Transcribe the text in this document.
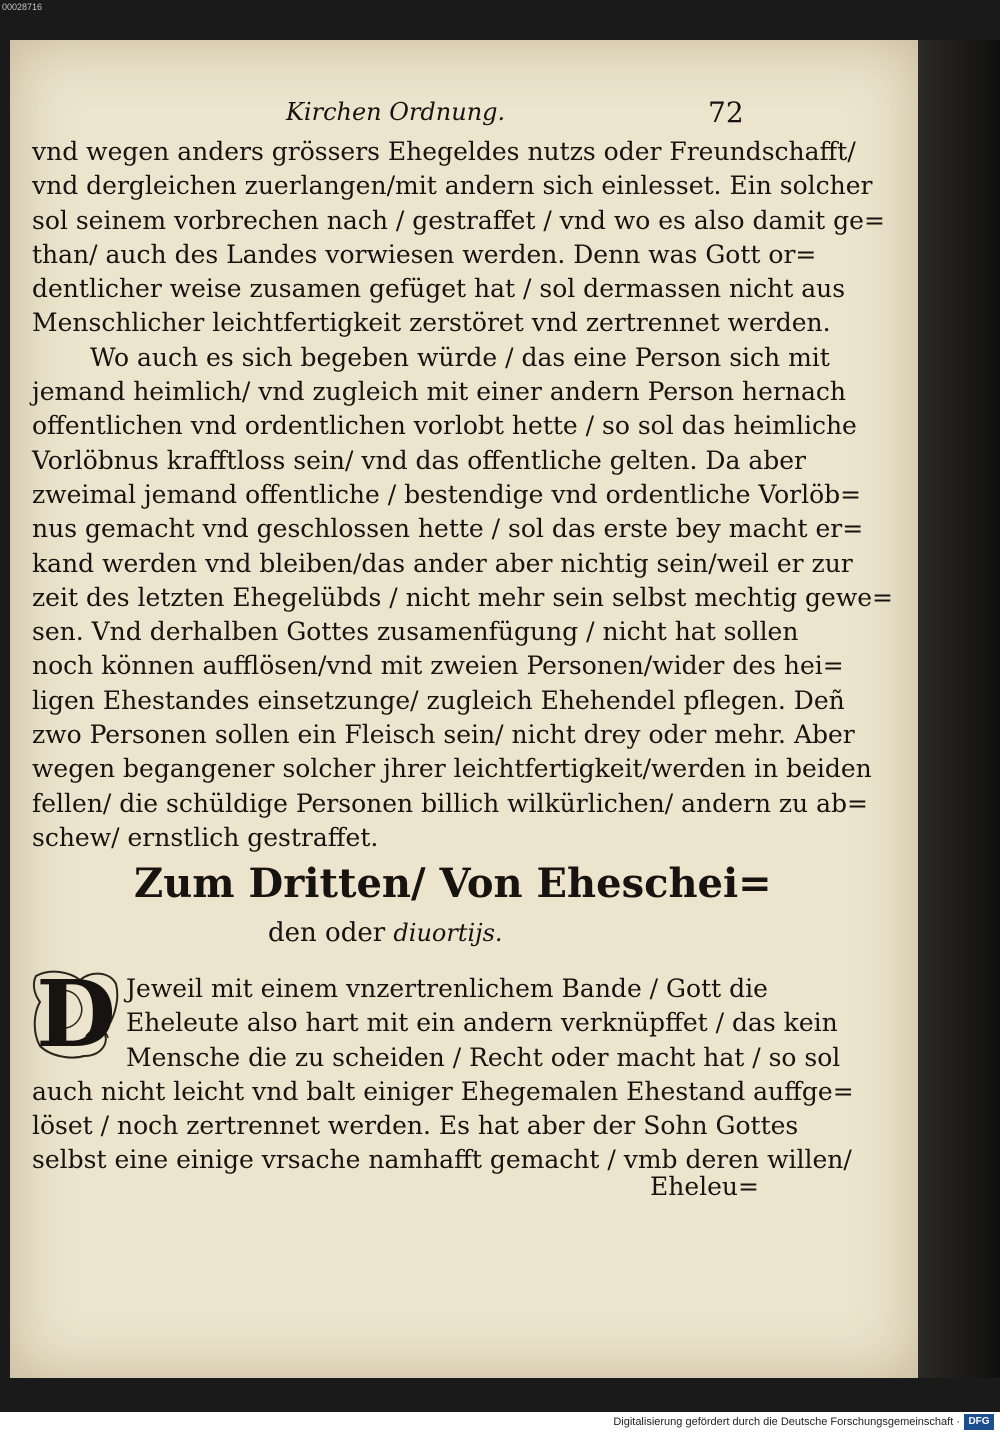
00028716
Kirchen Ordnung.	72
vnd wegen anders grössers Ehegeldes nutzs oder Freundschafft/
vnd dergleichen zuerlangen/mit andern sich einlesset. Ein solcher
sol seinem vorbrechen nach / gestraffet / vnd wo es also damit ge=
than/ auch des Landes vorwiesen werden. Denn was Gott or=
dentlicher weise zusamen gefüget hat / sol dermassen nicht aus
Menschlicher leichtfertigkeit zerstöret vnd zertrennet werden.
Wo auch es sich begeben würde / das eine Person sich mit
jemand heimlich/ vnd zugleich mit einer andern Person hernach
offentlichen vnd ordentlichen vorlobt hette / so sol das heimliche
Vorlöbnus krafftloss sein/ vnd das offentliche gelten. Da aber
zweimal jemand offentliche / bestendige vnd ordentliche Vorlöb=
nus gemacht vnd geschlossen hette / sol das erste bey macht er=
kand werden vnd bleiben/das ander aber nichtig sein/weil er zur
zeit des letzten Ehegelübds / nicht mehr sein selbst mechtig gewe=
sen. Vnd derhalben Gottes zusamenfügung / nicht hat sollen
noch können aufflösen/vnd mit zweien Personen/wider des hei=
ligen Ehestandes einsetzunge/ zugleich Ehehendel pflegen. Deñ
zwo Personen sollen ein Fleisch sein/ nicht drey oder mehr. Aber
wegen begangener solcher jhrer leichtfertigkeit/werden in beiden
fellen/ die schüldige Personen billich wilkürlichen/ andern zu ab=
schew/ ernstlich gestraffet.
Zum Dritten/ Von Eheschei=
den oder diuortijs.
D Jeweil mit einem vnzertrenlichem Bande / Gott die
Eheleute also hart mit ein andern verknüpffet / das kein
Mensche die zu scheiden / Recht oder macht hat / so sol
auch nicht leicht vnd balt einiger Ehegemalen Ehestand auffge=
löset / noch zertrennet werden. Es hat aber der Sohn Gottes
selbst eine einige vrsache namhafft gemacht / vmb deren willen/
Eheleu=
Digitalisierung gefördert durch die Deutsche Forschungsgemeinschaft · DFG
